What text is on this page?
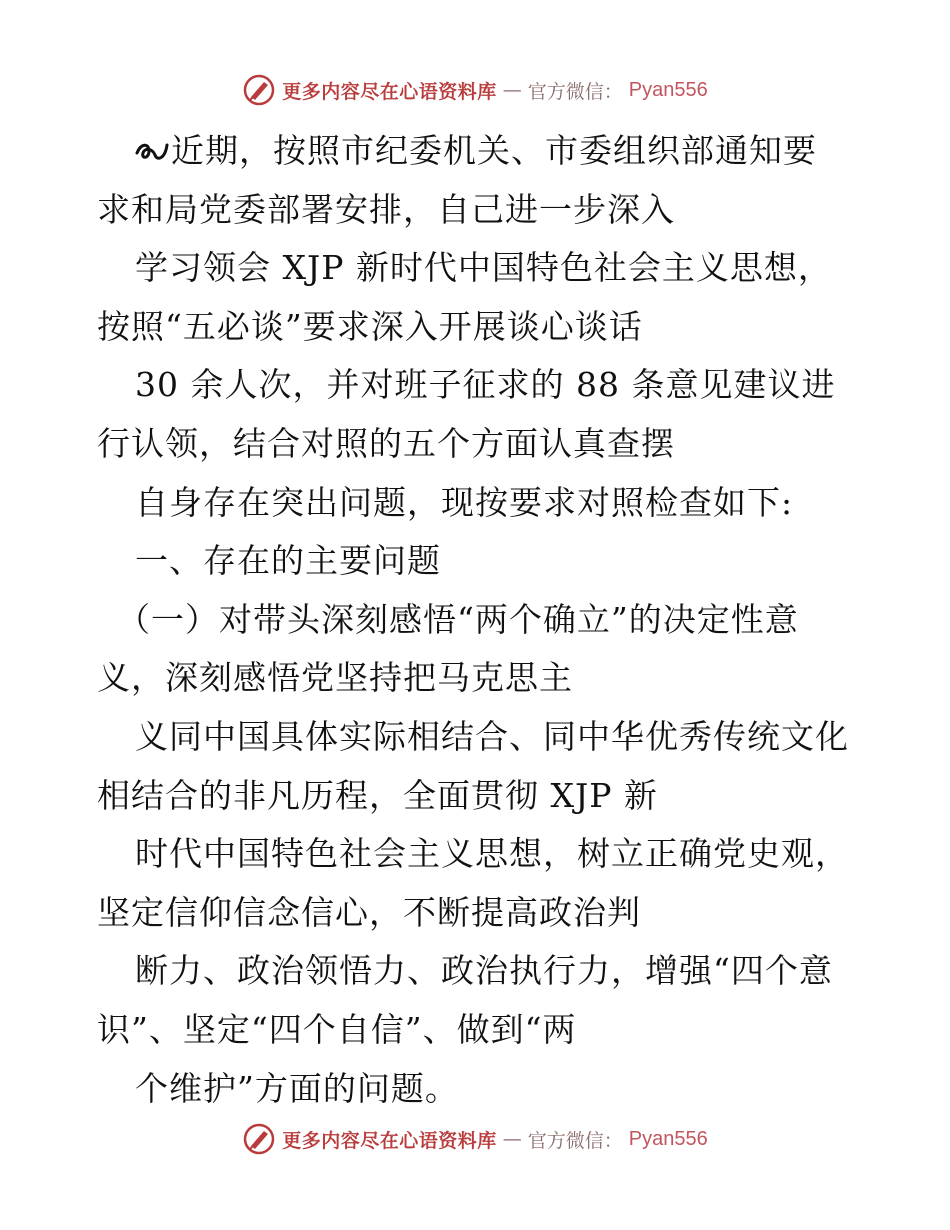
更多内容尽在心语资料库 — 官方微信： Pyan556
近期，按照市纪委机关、市委组织部通知要
求和局党委部署安排，自己进一步深入
学习领会 XJP 新时代中国特色社会主义思想，
按照“五必谈”要求深入开展谈心谈话
30 余人次，并对班子征求的 88 条意见建议进
行认领，结合对照的五个方面认真查摆
自身存在突出问题，现按要求对照检查如下:
一、存在的主要问题
（一）对带头深刻感悟“两个确立”的决定性意
义，深刻感悟党坚持把马克思主
义同中国具体实际相结合、同中华优秀传统文化
相结合的非凡历程，全面贯彻 XJP 新
时代中国特色社会主义思想，树立正确党史观，
坚定信仰信念信心，不断提高政治判
断力、政治领悟力、政治执行力，增强“四个意
识”、坚定“四个自信”、做到“两
个维护”方面的问题。
更多内容尽在心语资料库 — 官方微信： Pyan556
